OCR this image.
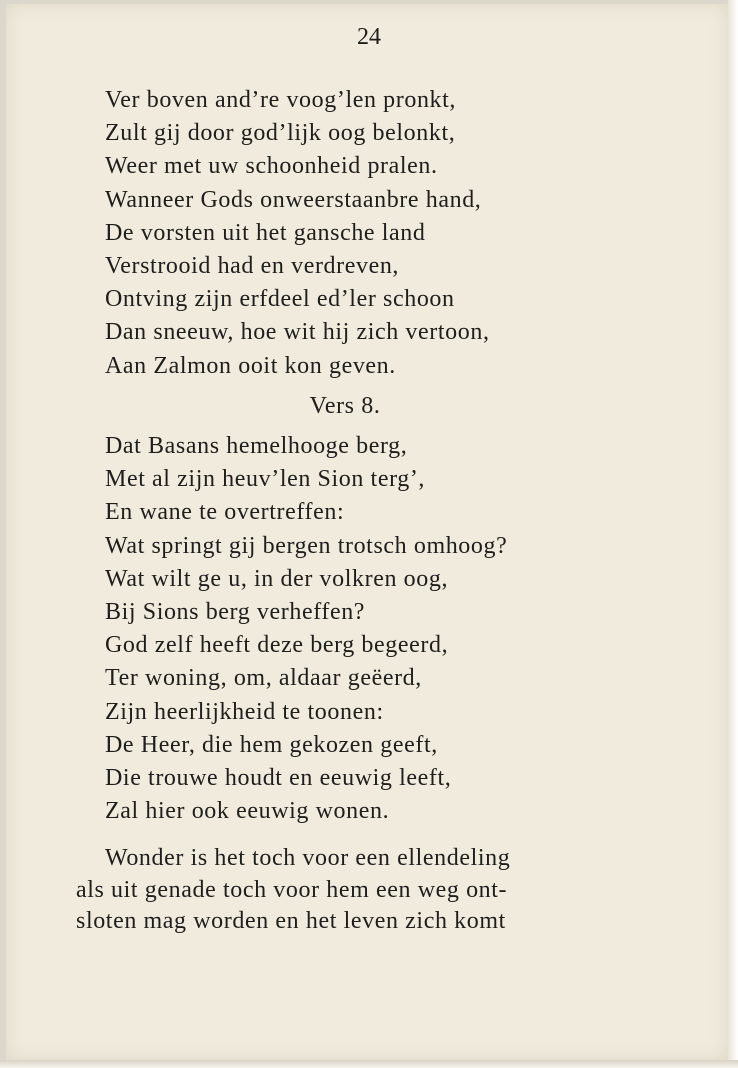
24
Ver boven and’re voog’len pronkt,
Zult gij door god’lijk oog belonkt,
Weer met uw schoonheid pralen.
Wanneer Gods onweerstaanbre hand,
De vorsten uit het gansche land
Verstrooid had en verdreven,
Ontving zijn erfdeel ed’ler schoon
Dan sneeuw, hoe wit hij zich vertoon,
Aan Zalmon ooit kon geven.
Vers 8.
Dat Basans hemelhooge berg,
Met al zijn heuv’len Sion terg’,
En wane te overtreffen:
Wat springt gij bergen trotsch omhoog?
Wat wilt ge u, in der volkren oog,
Bij Sions berg verheffen?
God zelf heeft deze berg begeerd,
Ter woning, om, aldaar geëerd,
Zijn heerlijkheid te toonen:
De Heer, die hem gekozen geeft,
Die trouwe houdt en eeuwig leeft,
Zal hier ook eeuwig wonen.
Wonder is het toch voor een ellendeling
als uit genade toch voor hem een weg ont-
sloten mag worden en het leven zich komt
